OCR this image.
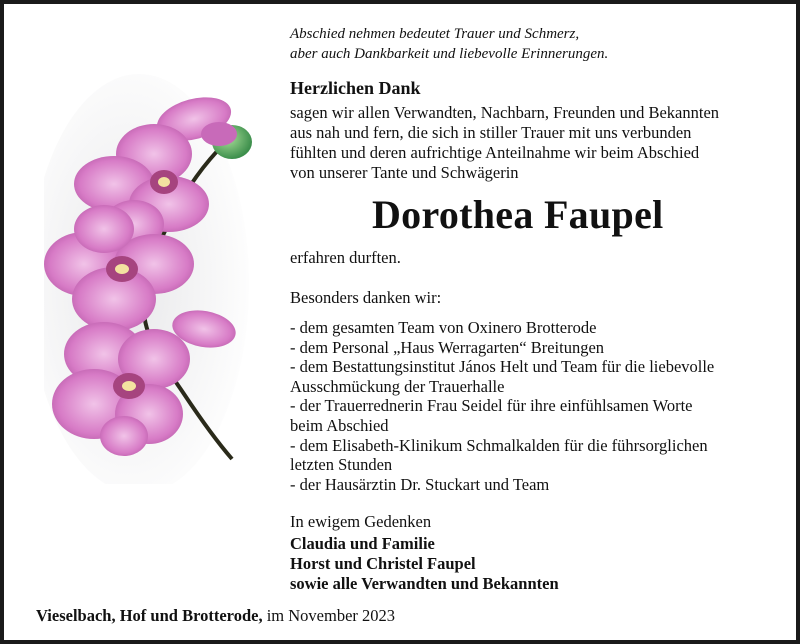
Abschied nehmen bedeutet Trauer und Schmerz,
aber auch Dankbarkeit und liebevolle Erinnerungen.
Herzlichen Dank
sagen wir allen Verwandten, Nachbarn, Freunden und Bekannten
aus nah und fern, die sich in stiller Trauer mit uns verbunden
fühlten und deren aufrichtige Anteilnahme wir beim Abschied
von unserer Tante und Schwägerin
Dorothea Faupel
erfahren durften.
Besonders danken wir:
- dem gesamten Team von Oxinero Brotterode
- dem Personal „Haus Werragarten“ Breitungen
- dem Bestattungsinstitut János Helt und Team für die liebevolle
Ausschmückung der Trauerhalle
- der Trauerrednerin Frau Seidel für ihre einfühlsamen Worte
beim Abschied
- dem Elisabeth-Klinikum Schmalkalden für die führsorglichen
letzten Stunden
- der Hausärztin Dr. Stuckart und Team
In ewigem Gedenken
Claudia und Familie
Horst und Christel Faupel
sowie alle Verwandten und Bekannten
Vieselbach, Hof und Brotterode, im November 2023
